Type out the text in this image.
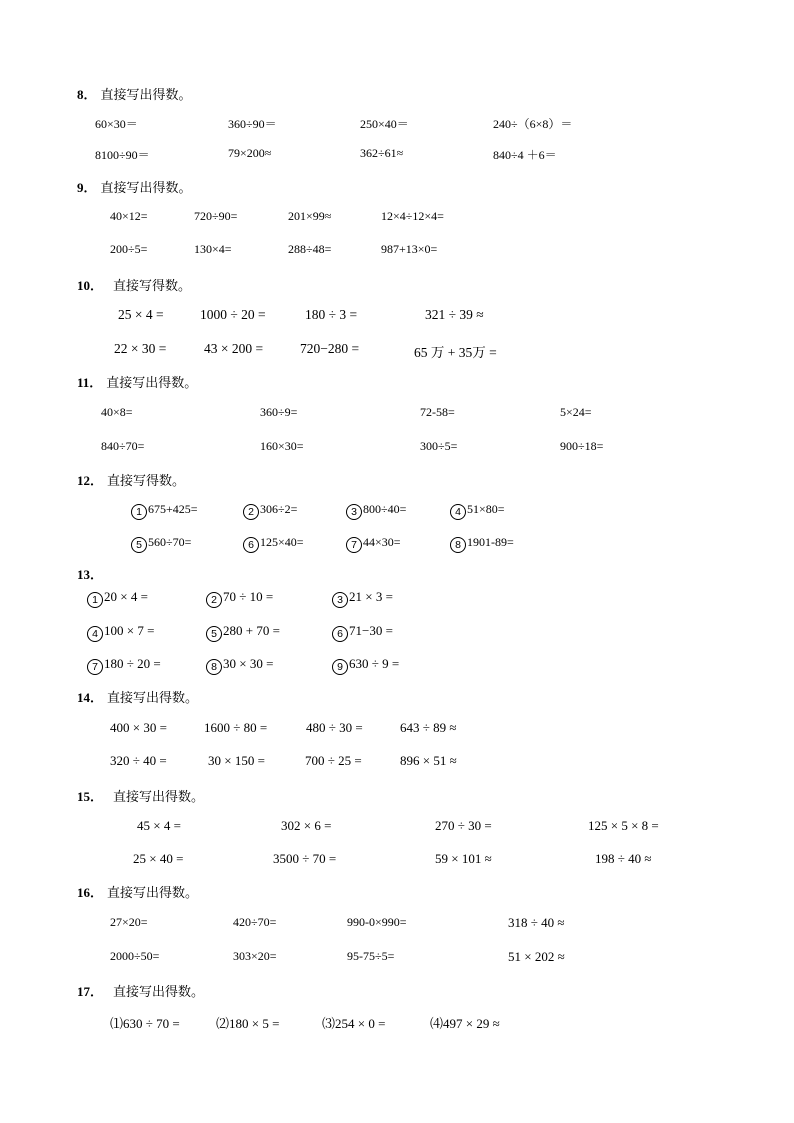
8． 直接写出得数。
60×30＝	360÷90＝	250×40＝	240÷（6×8）＝
8100÷90＝	79×200≈	362÷61≈	840÷4 ＋6＝
9． 直接写出得数。
40×12=	720÷90=	201×99≈	12×4÷12×4=
200÷5=	130×4=	288÷48=	987+13×0=
10． 直接写得数。
25 × 4 =	1000 ÷ 20 =	180 ÷ 3 =	321 ÷ 39 ≈
22 × 30 =	43 × 200 =	720−280 =	65 万 + 35万 =
11． 直接写出得数。
40×8=	360÷9=	72-58=	5×24=
840÷70=	160×30=	300÷5=	900÷18=
12． 直接写得数。
1 675+425=	2 306÷2=	3 800÷40=	4 51×80=
5 560÷70=	6 125×40=	7 44×30=	8 1901-89=
13．
1 20 × 4 =	2 70 ÷ 10 =	3 21 × 3 =
4 100 × 7 =	5 280 + 70 =	6 71−30 =
7 180 ÷ 20 =	8 30 × 30 =	9 630 ÷ 9 =
14． 直接写出得数。
400 × 30 =	1600 ÷ 80 =	480 ÷ 30 =	643 ÷ 89 ≈
320 ÷ 40 =	30 × 150 =	700 ÷ 25 =	896 × 51 ≈
15． 直接写出得数。
45 × 4 =	302 × 6 =	270 ÷ 30 =	125 × 5 × 8 =
25 × 40 =	3500 ÷ 70 =	59 × 101 ≈	198 ÷ 40 ≈
16． 直接写出得数。
27×20=	420÷70=	990-0×990=	318 ÷ 40 ≈
2000÷50=	303×20=	95-75÷5=	51 × 202 ≈
17． 直接写出得数。
⑴630 ÷ 70 =	⑵180 × 5 =	⑶254 × 0 =	⑷497 × 29 ≈
